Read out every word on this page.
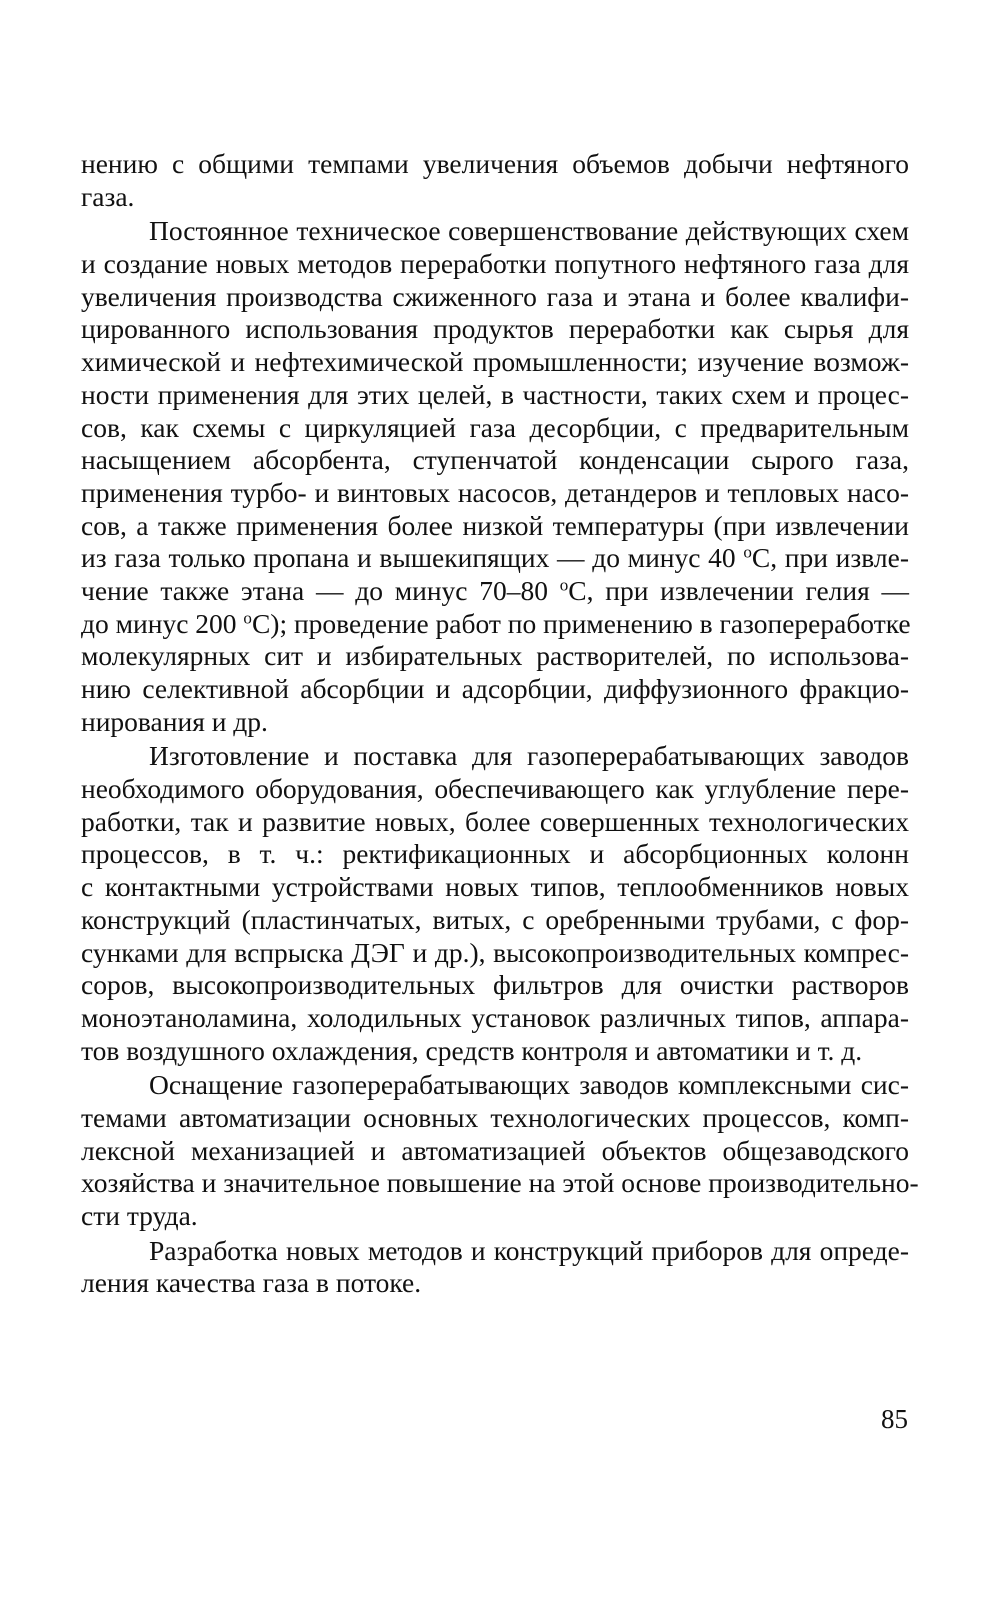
нению с общими темпами увеличения объемов добычи нефтяного
газа.
Постоянное техническое совершенствование действующих схем
и создание новых методов переработки попутного нефтяного газа для
увеличения производства сжиженного газа и этана и более квалифи-
цированного использования продуктов переработки как сырья для
химической и нефтехимической промышленности; изучение возмож-
ности применения для этих целей, в частности, таких схем и процес-
сов, как схемы с циркуляцией газа десорбции, с предварительным
насыщением абсорбента, ступенчатой конденсации сырого газа,
применения турбо- и винтовых насосов, детандеров и тепловых насо-
сов, а также применения более низкой температуры (при извлечении
из газа только пропана и вышекипящих — до минус 40 $^o$С, при извле-
чение также этана — до минус 70–80 $^o$С, при извлечении гелия —
до минус 200 $^o$С); проведение работ по применению в газопереработке
молекулярных сит и избирательных растворителей, по использова-
нию селективной абсорбции и адсорбции, диффузионного фракцио-
нирования и др.
Изготовление и поставка для газоперерабатывающих заводов
необходимого оборудования, обеспечивающего как углубление пере-
работки, так и развитие новых, более совершенных технологических
процессов, в т. ч.: ректификационных и абсорбционных колонн
с контактными устройствами новых типов, теплообменников новых
конструкций (пластинчатых, витых, с оребренными трубами, с фор-
сунками для вспрыска ДЭГ и др.), высокопроизводительных компрес-
соров, высокопроизводительных фильтров для очистки растворов
моноэтаноламина, холодильных установок различных типов, аппара-
тов воздушного охлаждения, средств контроля и автоматики и т. д.
Оснащение газоперерабатывающих заводов комплексными сис-
темами автоматизации основных технологических процессов, комп-
лексной механизацией и автоматизацией объектов общезаводского
хозяйства и значительное повышение на этой основе производительно-
сти труда.
Разработка новых методов и конструкций приборов для опреде-
ления качества газа в потоке.
85
